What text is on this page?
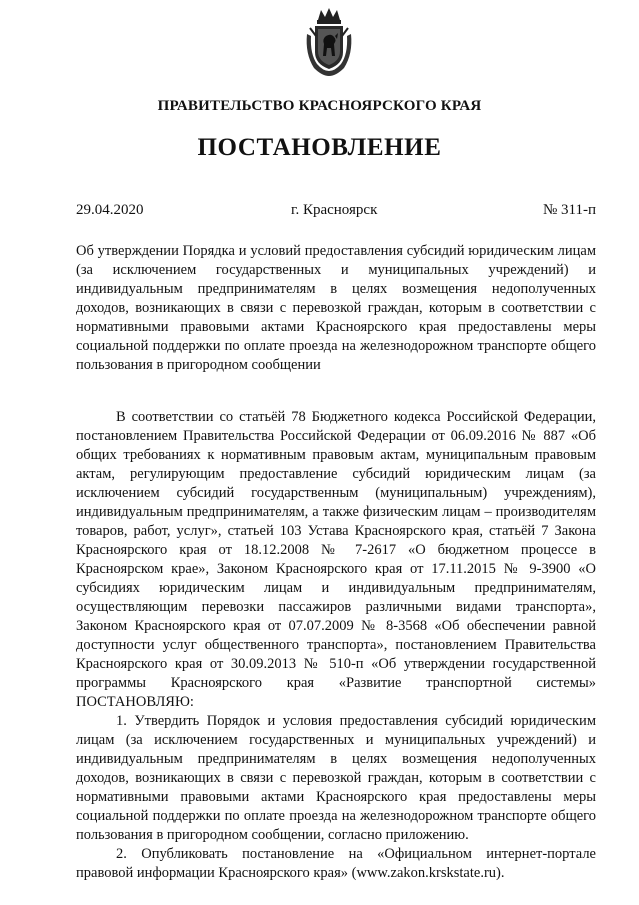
ПРАВИТЕЛЬСТВО КРАСНОЯРСКОГО КРАЯ
ПОСТАНОВЛЕНИЕ
29.04.2020	г. Красноярск	№ 311-п
Об утверждении Порядка и условий предоставления субсидий юридическим лицам (за исключением государственных и муниципальных учреждений) и индивидуальным предпринимателям в целях возмещения недополученных доходов, возникающих в связи с перевозкой граждан, которым в соответствии с нормативными правовыми актами Красноярского края предоставлены меры социальной поддержки по оплате проезда на железнодорожном транспорте общего пользования в пригородном сообщении

В соответствии со статьёй 78 Бюджетного кодекса Российской Федерации, постановлением Правительства Российской Федерации от 06.09.2016 № 887 «Об общих требованиях к нормативным правовым актам, муниципальным правовым актам, регулирующим предоставление субсидий юридическим лицам (за исключением субсидий государственным (муниципальным) учреждениям), индивидуальным предпринимателям, а также физическим лицам – производителям товаров, работ, услуг», статьей 103 Устава Красноярского края, статьёй 7 Закона Красноярского края от 18.12.2008 № 7-2617 «О бюджетном процессе в Красноярском крае», Законом Красноярского края от 17.11.2015 № 9-3900 «О субсидиях юридическим лицам и индивидуальным предпринимателям, осуществляющим перевозки пассажиров различными видами транспорта», Законом Красноярского края от 07.07.2009 № 8-3568 «Об обеспечении равной доступности услуг общественного транспорта», постановлением Правительства Красноярского края от 30.09.2013 № 510-п «Об утверждении государственной программы Красноярского края «Развитие транспортной системы» ПОСТАНОВЛЯЮ:

1. Утвердить Порядок и условия предоставления субсидий юридическим лицам (за исключением государственных и муниципальных учреждений) и индивидуальным предпринимателям в целях возмещения недополученных доходов, возникающих в связи с перевозкой граждан, которым в соответствии с нормативными правовыми актами Красноярского края предоставлены меры социальной поддержки по оплате проезда на железнодорожном транспорте общего пользования в пригородном сообщении, согласно приложению.

2. Опубликовать постановление на «Официальном интернет-портале правовой информации Красноярского края» (www.zakon.krskstate.ru).
